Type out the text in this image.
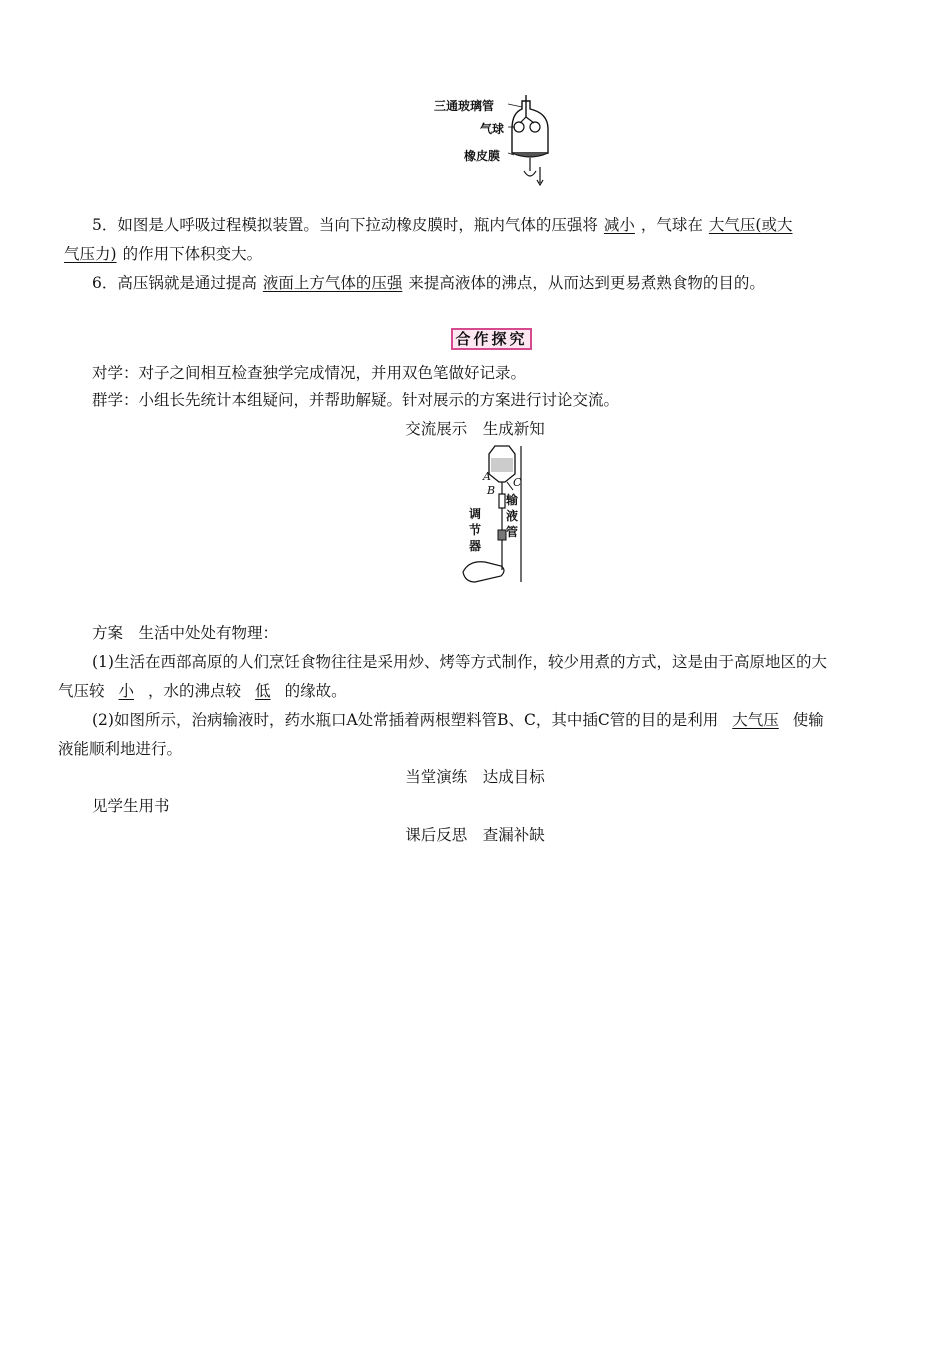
三通玻璃管
气球
橡皮膜
5．如图是人呼吸过程模拟装置。当向下拉动橡皮膜时，瓶内气体的压强将 减小 ，气球在 大气压(或大
气压力) 的作用下体积变大。
6．高压锅就是通过提高 液面上方气体的压强 来提高液体的沸点，从而达到更易煮熟食物的目的。
合作探究
对学：对子之间相互检查独学完成情况，并用双色笔做好记录。
群学：小组长先统计本组疑问，并帮助解疑。针对展示的方案进行讨论交流。
交流展示　生成新知
A
B
C
输液管
调节器
方案　生活中处处有物理：
(1)生活在西部高原的人们烹饪食物往往是采用炒、烤等方式制作，较少用煮的方式，这是由于高原地区的大
气压较 小 ，水的沸点较 低 的缘故。
(2)如图所示，治病输液时，药水瓶口A处常插着两根塑料管B、C，其中插C管的目的是利用 大气压 使输
液能顺利地进行。
当堂演练　达成目标
见学生用书
课后反思　查漏补缺
